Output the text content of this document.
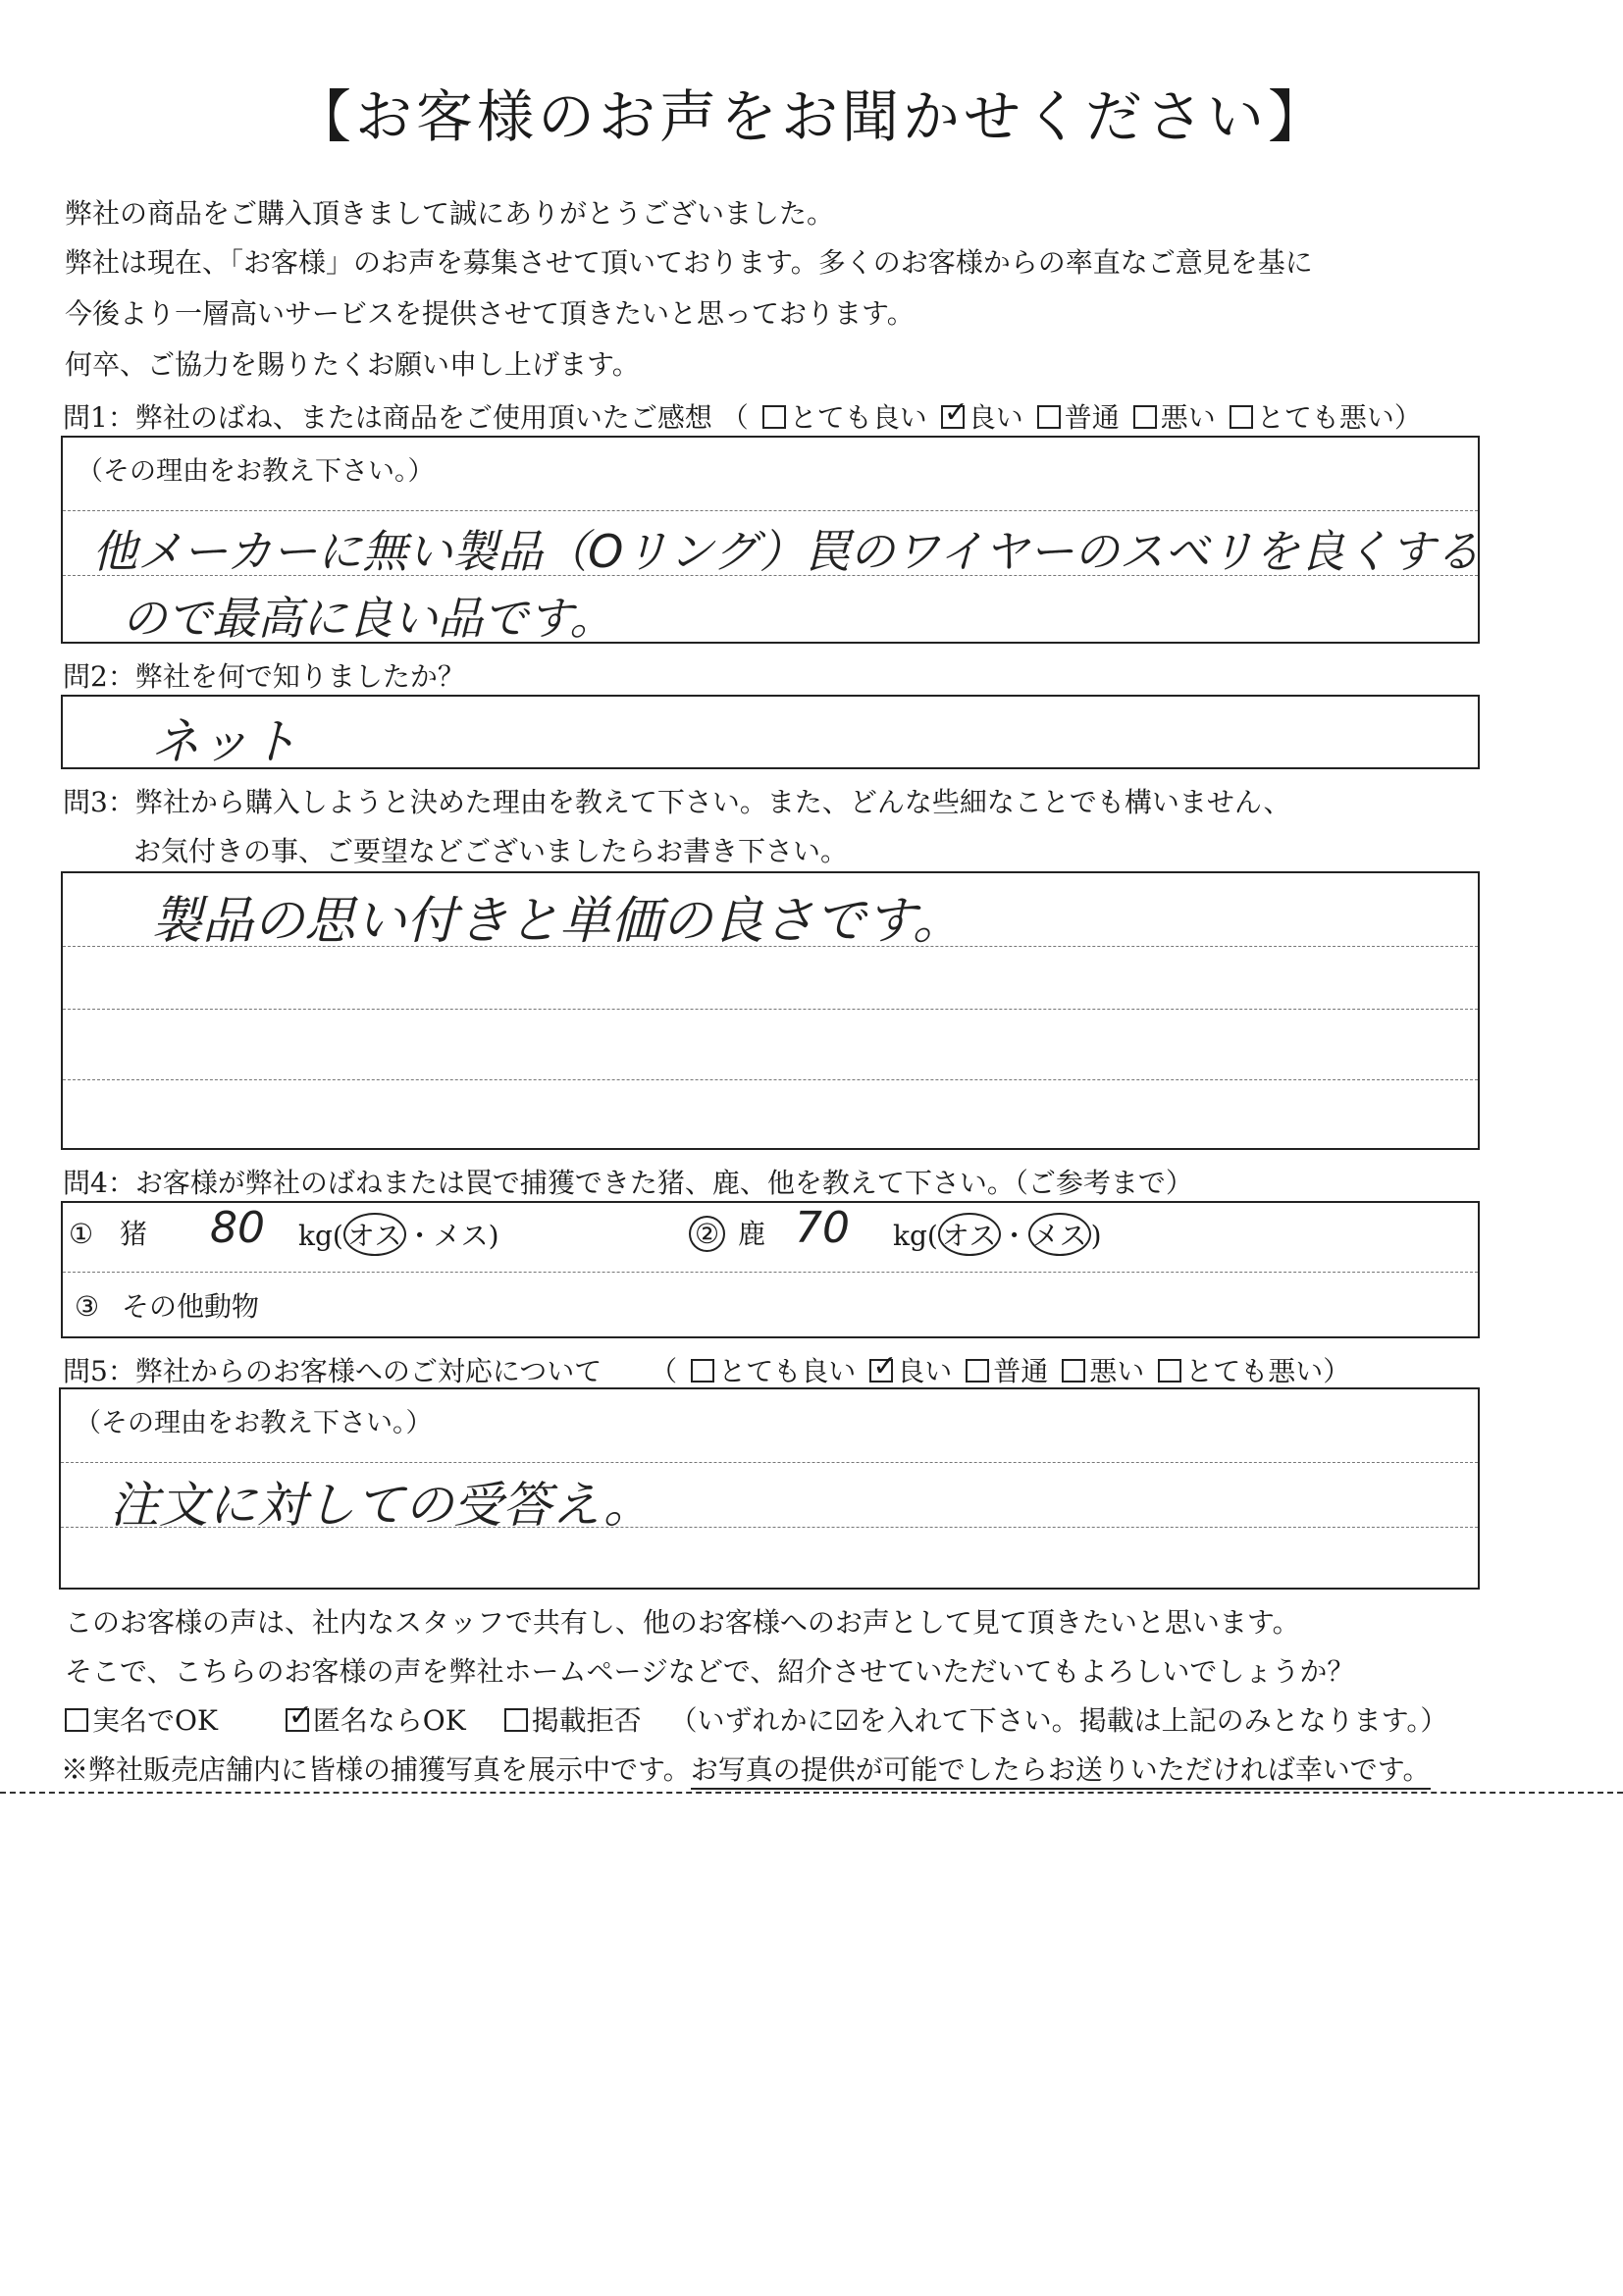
【お客様のお声をお聞かせください】
弊社の商品をご購入頂きまして誠にありがとうございました。
弊社は現在、「お客様」のお声を募集させて頂いております。多くのお客様からの率直なご意見を基に
今後より一層高いサービスを提供させて頂きたいと思っております。
何卒、ご協力を賜りたくお願い申し上げます。
問1：弊社のばね、または商品をご使用頂いたご感想 （ とても良い ✓ 良い 普通 悪い とても悪い）
（その理由をお教え下さい。）
他メーカーに無い製品（Oリング）罠のワイヤーのスベリを良くする
ので最高に良い品です。
問2：弊社を何で知りましたか？
ネット
問3：弊社から購入しようと決めた理由を教えて下さい。また、どんな些細なことでも構いません、
お気付きの事、ご要望などございましたらお書き下さい。
製品の思い付きと単価の良さです。
問4：お客様が弊社のばねまたは罠で捕獲できた猪、鹿、他を教えて下さい。（ご参考まで）
① 猪 80 kg( オス ・メス)	② 鹿 70 kg( オス ・ メス )
③ その他動物
問5：弊社からのお客様へのご対応について （ とても良い ✓ 良い 普通 悪い とても悪い）
（その理由をお教え下さい。）
注文に対しての受答え。
このお客様の声は、社内なスタッフで共有し、他のお客様へのお声として見て頂きたいと思います。
そこで、こちらのお客様の声を弊社ホームページなどで、紹介させていただいてもよろしいでしょうか？
実名でOK ✓	匿名ならOK 掲載拒否 （いずれかに☑を入れて下さい。掲載は上記のみとなります。）
※弊社販売店舗内に皆様の捕獲写真を展示中です。お写真の提供が可能でしたらお送りいただければ幸いです。
